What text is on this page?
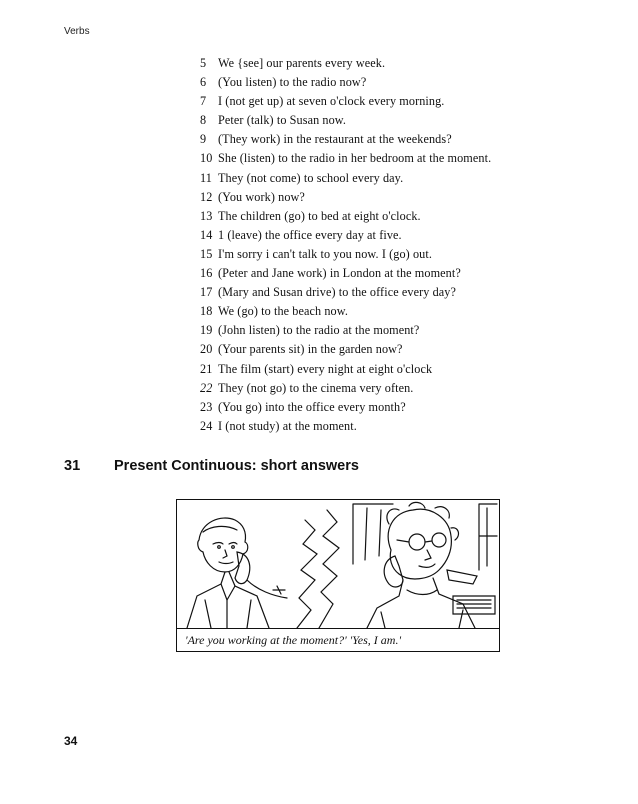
Verbs
5 We {see] our parents every week.
6 (You listen) to the radio now?
7 I (not get up) at seven o'clock every morning.
8 Peter (talk) to Susan now.
9 (They work) in the restaurant at the weekends?
10 She (listen) to the radio in her bedroom at the moment.
11 They (not come) to school every day.
12 (You work) now?
13 The children (go) to bed at eight o'clock.
14 1 (leave) the office every day at five.
15 I'm sorry i can't talk to you now. I (go) out.
16 (Peter and Jane work) in London at the moment?
17 (Mary and Susan drive) to the office every day?
18 We (go) to the beach now.
19 (John listen) to the radio at the moment?
20 (Your parents sit) in the garden now?
21 The film (start) every night at eight o'clock
22 They (not go) to the cinema very often.
23 (You go) into the office every month?
24 I (not study) at the moment.
31 Present Continuous: short answers
'Are you working at the moment?' 'Yes, I am.'
34
